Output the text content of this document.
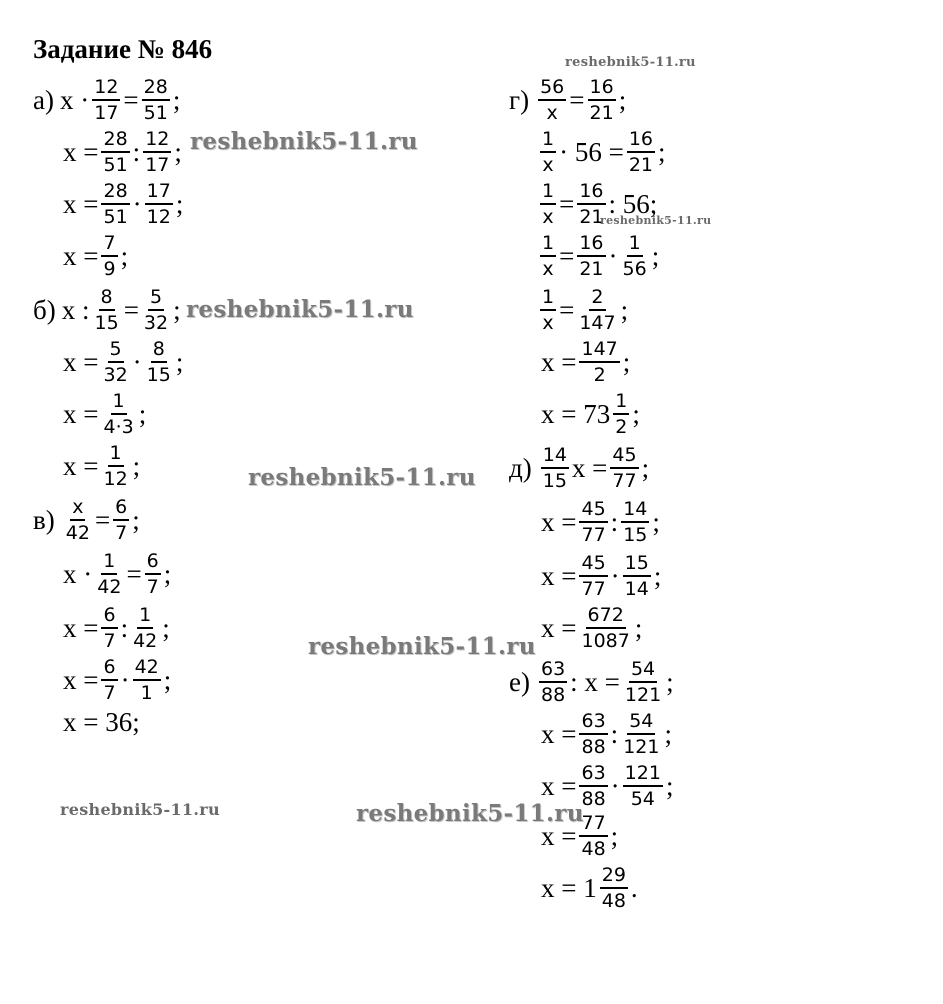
Задание № 846
а) $x \cdot \frac{12}{17} = \frac{28}{51}$ ;
$x = \frac{28}{51}$ : $\frac{12}{17}$ ;
$x = \frac{28}{51} \cdot \frac{17}{12}$ ;
$x = \frac{7}{9}$ ;
б) x : $\frac{8}{15} = \frac{5}{32}$ ;
$x = \frac{5}{32} \cdot \frac{8}{15}$ ;
$x = \frac{1}{4\cdot 3}$ ;
$x = \frac{1}{12}$ ;
$в) \frac{x}{42} = \frac{6}{7}$ ;
$x \cdot \frac{1}{42} = \frac{6}{7}$ ;
$x = \frac{6}{7}$ : $\frac{1}{42}$ ;
$x = \frac{6}{7} \cdot \frac{42}{1}$ ;
x = 36;
$г) \frac{56}{x} = \frac{16}{21}$ ;
$\frac{1}{x} \cdot 56 = \frac{16}{21}$ ;
$\frac{1}{x} = \frac{16}{21}$ : 56;
$\frac{1}{x} = \frac{16}{21} \cdot \frac{1}{56}$ ;
$\frac{1}{x} = \frac{2}{147}$ ;
$x = \frac{147}{2}$ ;
$x = 73 \frac{1}{2}$ ;
$д) \frac{14}{15}$ $x = \frac{45}{77}$ ;
$x = \frac{45}{77}$ : $\frac{14}{15}$ ;
$x = \frac{45}{77} \cdot \frac{15}{14}$ ;
$x = \frac{672}{1087}$ ;
$е) \frac{63}{88}$ : $x = \frac{54}{121}$ ;
$x = \frac{63}{88}$ : $\frac{54}{121}$ ;
$x = \frac{63}{88} \cdot \frac{121}{54}$ ;
$x = \frac{77}{48}$ ;
$x = 1 \frac{29}{48}$ .
reshebnik5-11.ru
reshebnik5-11.ru
reshebnik5-11.ru
reshebnik5-11.ru
reshebnik5-11.ru
reshebnik5-11.ru
reshebnik5-11.ru	reshebnik5-11.ru
